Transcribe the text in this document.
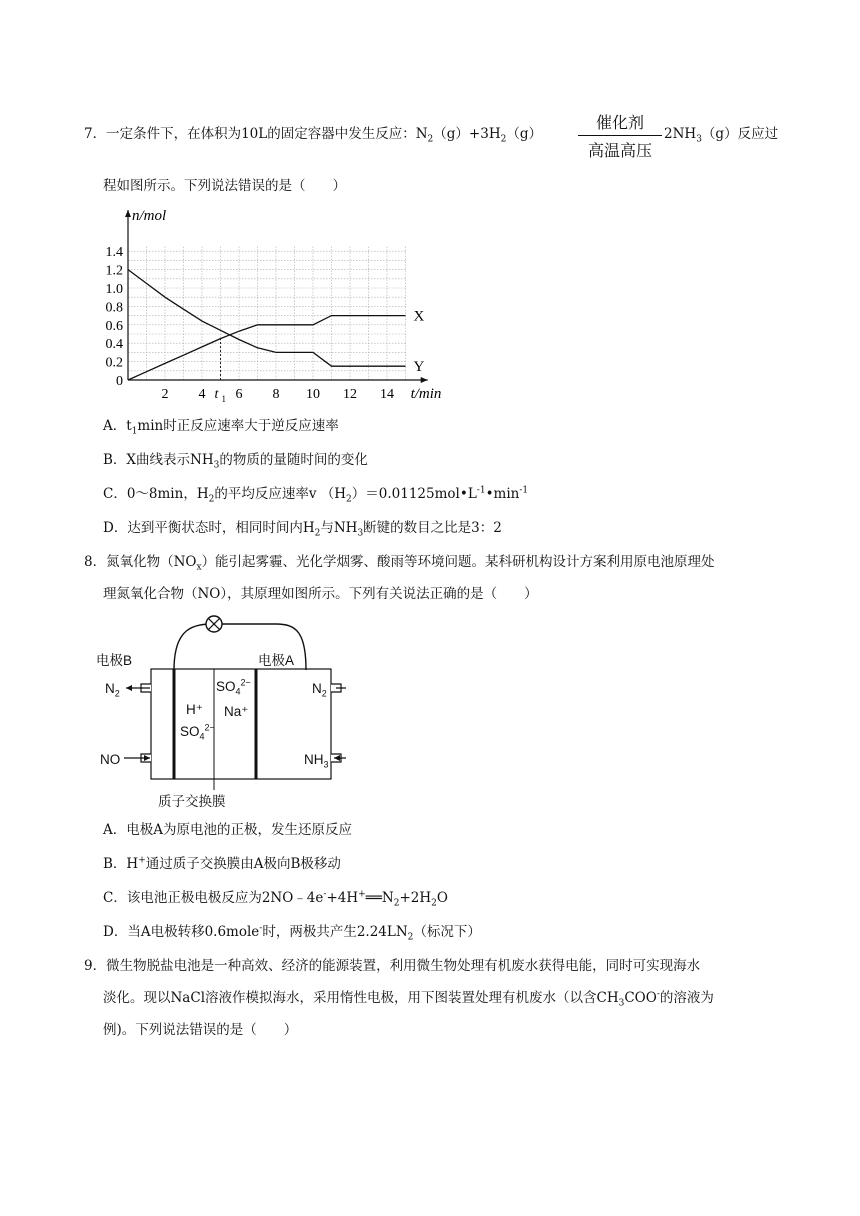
7．一定条件下，在体积为10L的固定容器中发生反应：$N_2(g)+3H_2(g)$
催化剂
高温高压
$2NH_3(g)$反应过
程如图所示。下列说法错误的是（　　）
n/mol
t/min
0.2
0.4
0.6
0.8
1.0
1.2
1.4
0
2 4 6 8 10 12 14
t 1
X
Y
A．$t_1\min$时正反应速率大于逆反应速率
B．X曲线表示$NH_3$的物质的量随时间的变化
C．0～8min，$H_2$的平均反应速率v $(H_2)=0.01125mol•L^{-1}•\min^{-1}$
D．达到平衡状态时，相同时间内$H_2$与$NH_3$断键的数目之比是3：2
8．氮氧化物$(NO_x)$能引起雾霾、光化学烟雾、酸雨等环境问题。某科研机构设计方案利用原电池原理处
理氮氧化合物（NO），其原理如图所示。下列有关说法正确的是（　　）
电极B	电极A
$N_2$	$N_2$
NO	$NH_3$
H⁺
$SO_4^{2-}$
$SO_4^{2-}$
Na⁺
质子交换膜
A．电极A为原电池的正极，发生还原反应
B．H+通过质子交换膜由A极向B极移动
C．该电池正极电极反应为$2NO﹣4e^-+4H^+══N_2+2H_2O$
D．当A电极转移0.6mole-时，两极共产生$2.24LN_2$（标况下）
9．微生物脱盐电池是一种高效、经济的能源装置，利用微生物处理有机废水获得电能，同时可实现海水
淡化。现以NaCl溶液作模拟海水，采用惰性电极，用下图装置处理有机废水（以含$CH_3COO^-$的溶液为
例)。下列说法错误的是（　　）
